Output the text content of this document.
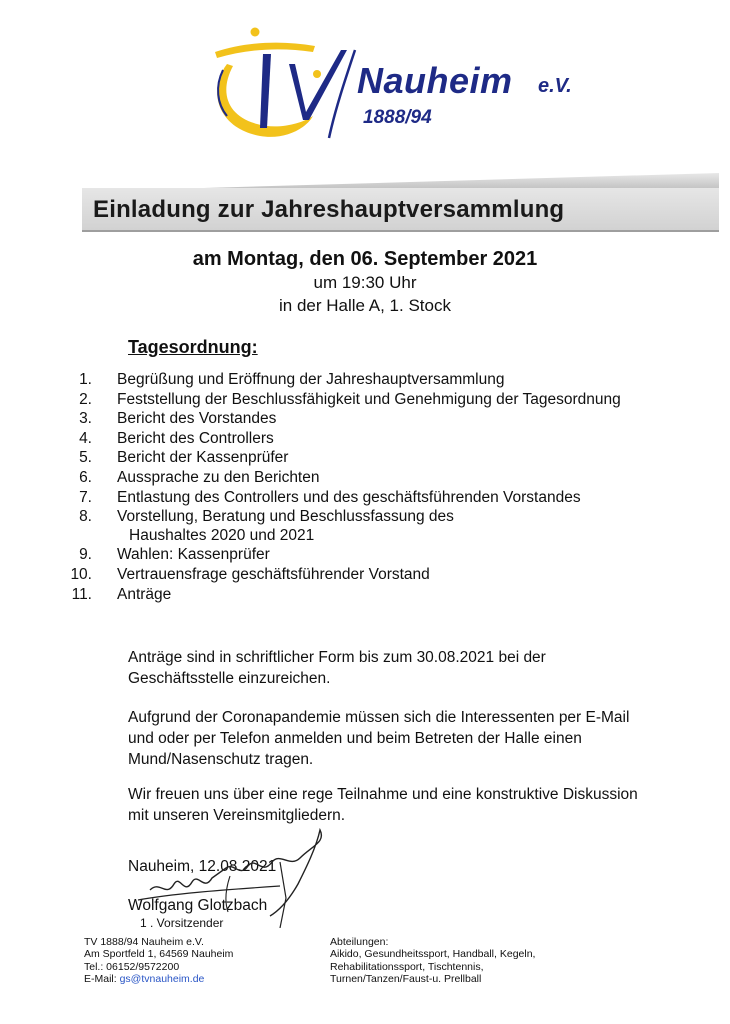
Nauheim e.V.
1888/94
Einladung zur Jahreshauptversammlung
am Montag, den 06. September 2021
um 19:30 Uhr
in der Halle A, 1. Stock
Tagesordnung:
1. Begrüßung und Eröffnung der Jahreshauptversammlung
2. Feststellung der Beschlussfähigkeit und Genehmigung der Tagesordnung
3. Bericht des Vorstandes
4. Bericht des Controllers
5. Bericht der Kassenprüfer
6. Aussprache zu den Berichten
7. Entlastung des Controllers und des geschäftsführenden Vorstandes
8. Vorstellung, Beratung und Beschlussfassung des
Haushaltes 2020 und 2021
9. Wahlen: Kassenprüfer
10. Vertrauensfrage geschäftsführender Vorstand
11. Anträge

Anträge sind in schriftlicher Form bis zum 30.08.2021 bei der

Geschäftsstelle einzureichen.

Aufgrund der Coronapandemie müssen sich die Interessenten per E-Mail

und oder per Telefon anmelden und beim Betreten der Halle einen

Mund/Nasenschutz tragen.

Wir freuen uns über eine rege Teilnahme und eine konstruktive Diskussion

mit unseren Vereinsmitgliedern.

Nauheim, 12.08.2021
Wolfgang Glotzbach
1 . Vorsitzender
TV 1888/94 Nauheim e.V.
Am Sportfeld 1, 64569 Nauheim
Tel.: 06152/9572200
E-Mail: gs@tvnauheim.de
Abteilungen:
Aikido, Gesundheitssport, Handball, Kegeln,
Rehabilitationssport, Tischtennis,
Turnen/Tanzen/Faust-u. Prellball
